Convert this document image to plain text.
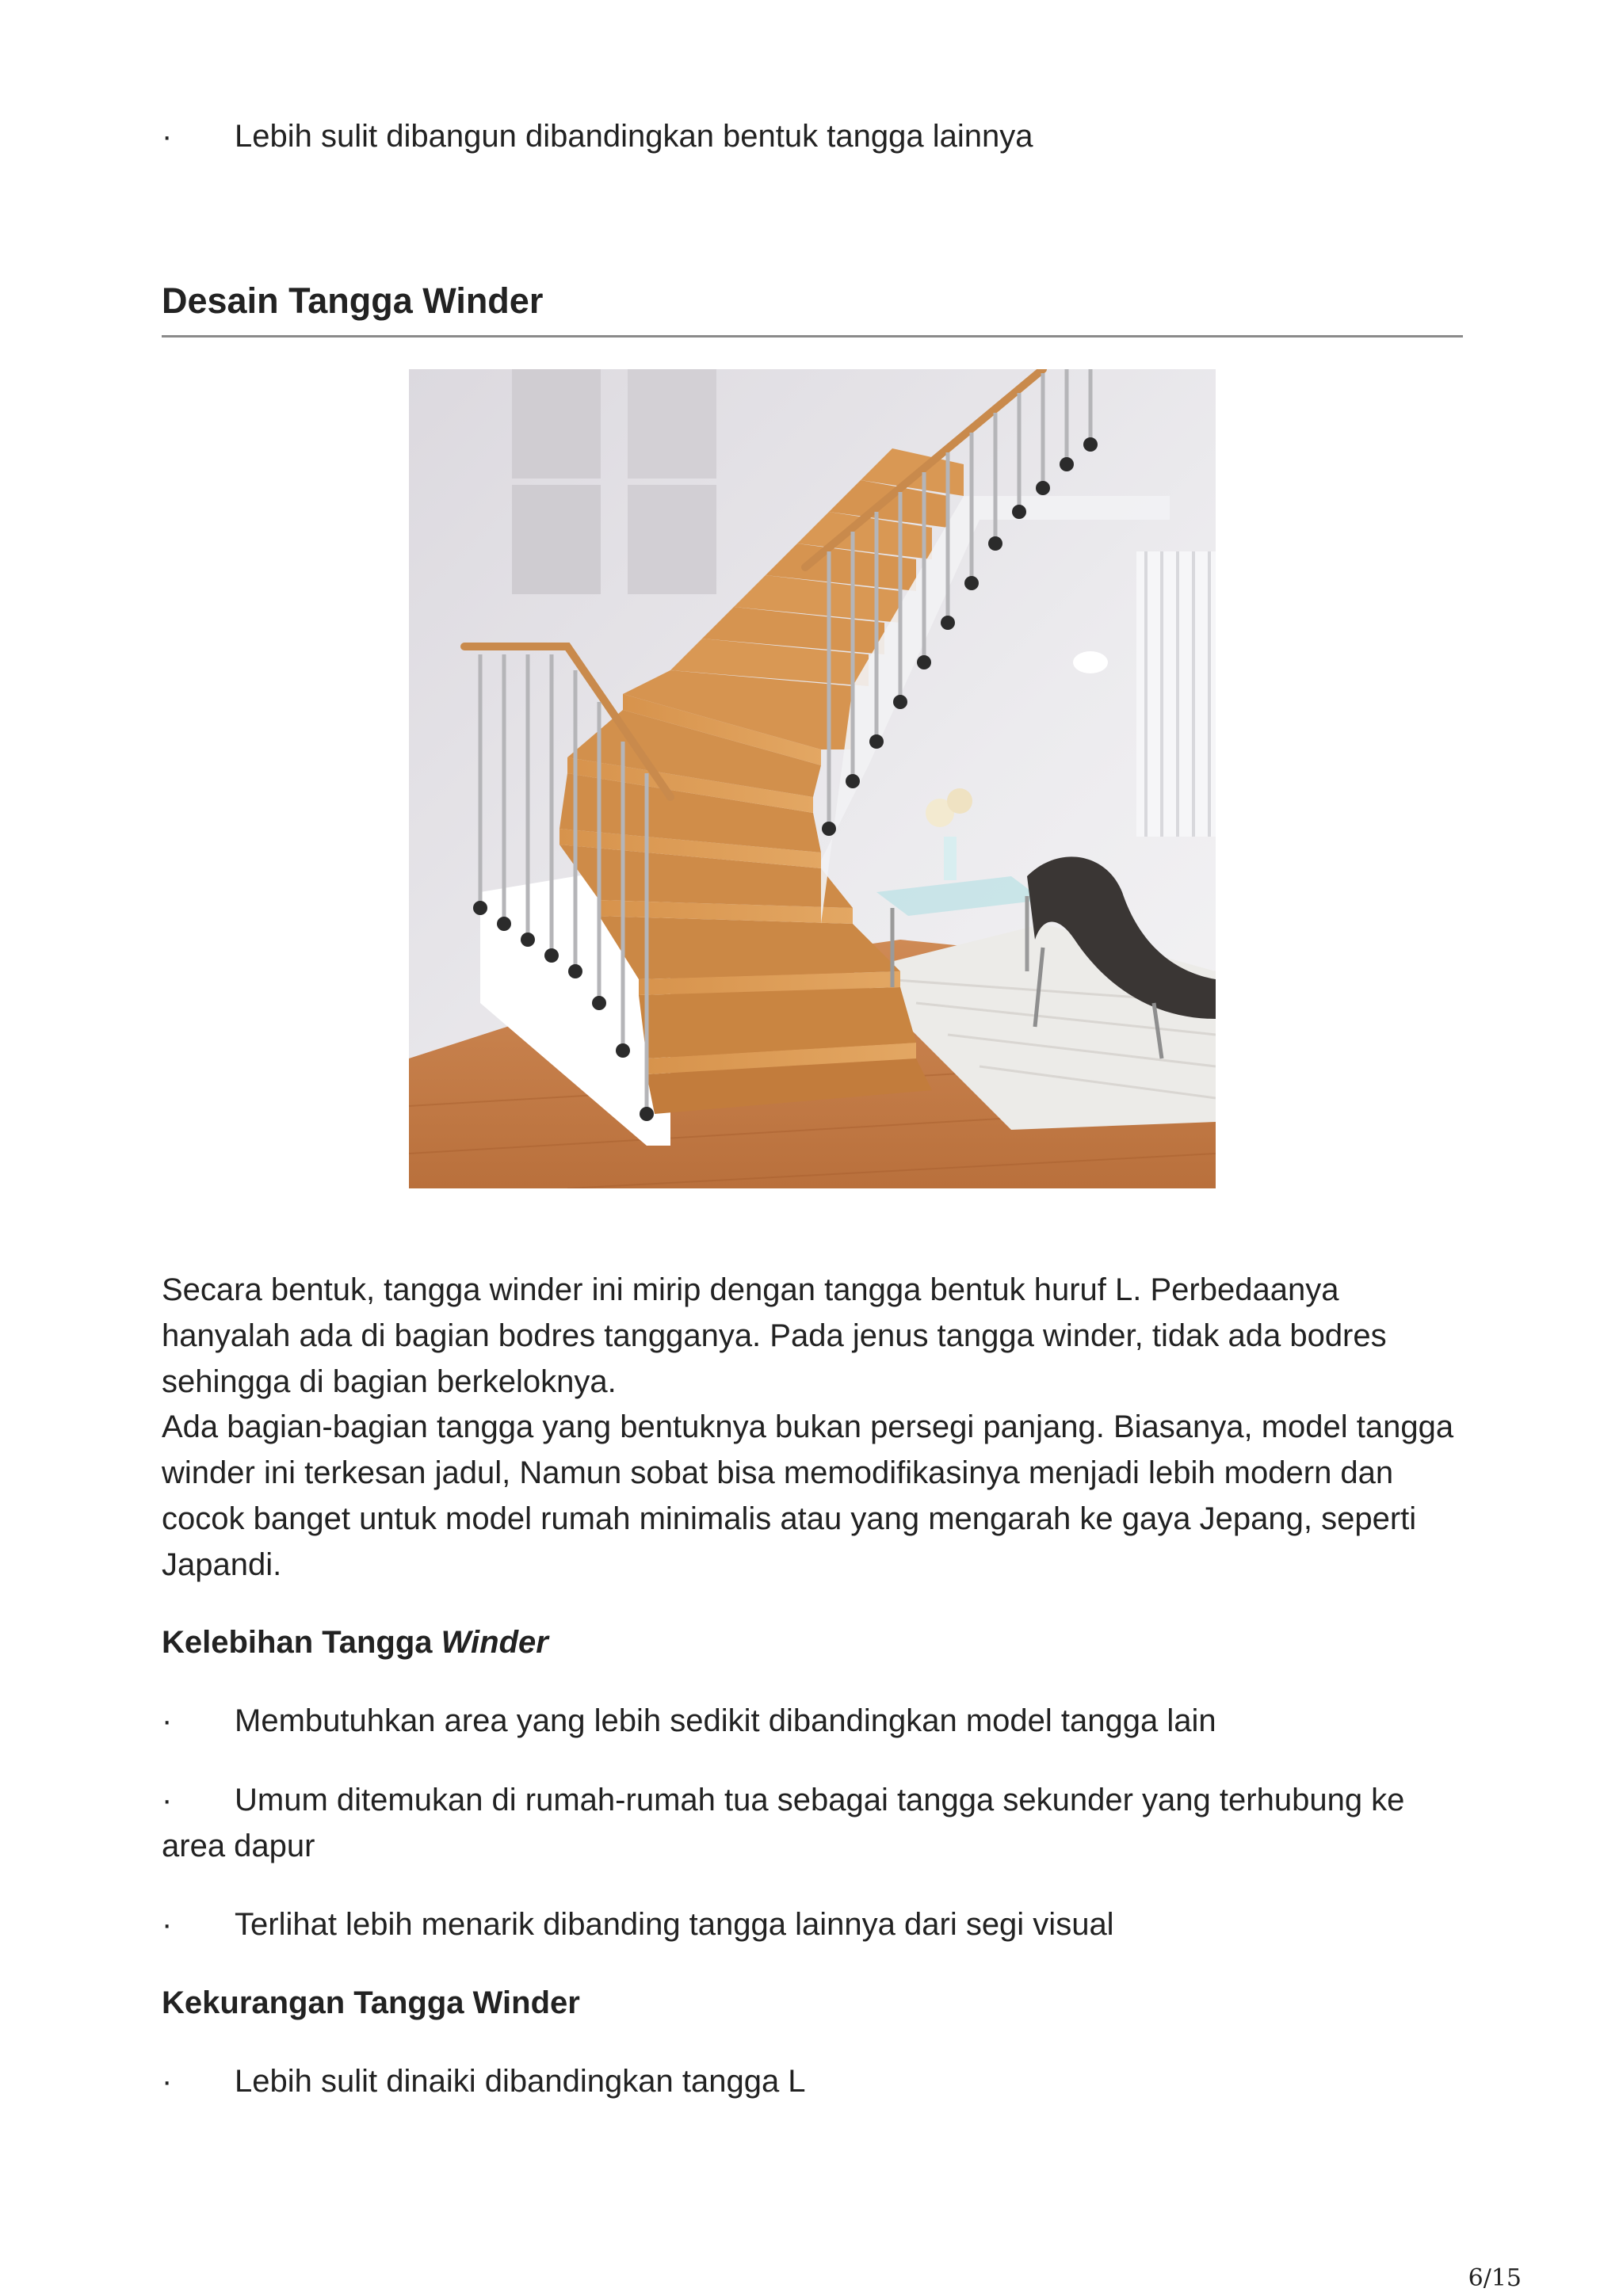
·	Lebih sulit dibangun dibandingkan bentuk tangga lainnya
Desain Tangga Winder
Secara bentuk, tangga winder ini mirip dengan tangga bentuk huruf L. Perbedaanya hanyalah ada di bagian bodres tangganya. Pada jenus tangga winder, tidak ada bodres sehingga di bagian berkeloknya.
Ada bagian-bagian tangga yang bentuknya bukan persegi panjang. Biasanya, model tangga winder ini terkesan jadul, Namun sobat bisa memodifikasinya menjadi lebih modern dan cocok banget untuk model rumah minimalis atau yang mengarah ke gaya Jepang, seperti Japandi.
Kelebihan Tangga Winder
·	Membutuhkan area yang lebih sedikit dibandingkan model tangga lain
·	Umum ditemukan di rumah-rumah tua sebagai tangga sekunder yang terhubung ke area dapur
·	Terlihat lebih menarik dibanding tangga lainnya dari segi visual
Kekurangan Tangga Winder
·	Lebih sulit dinaiki dibandingkan tangga L
6/15
